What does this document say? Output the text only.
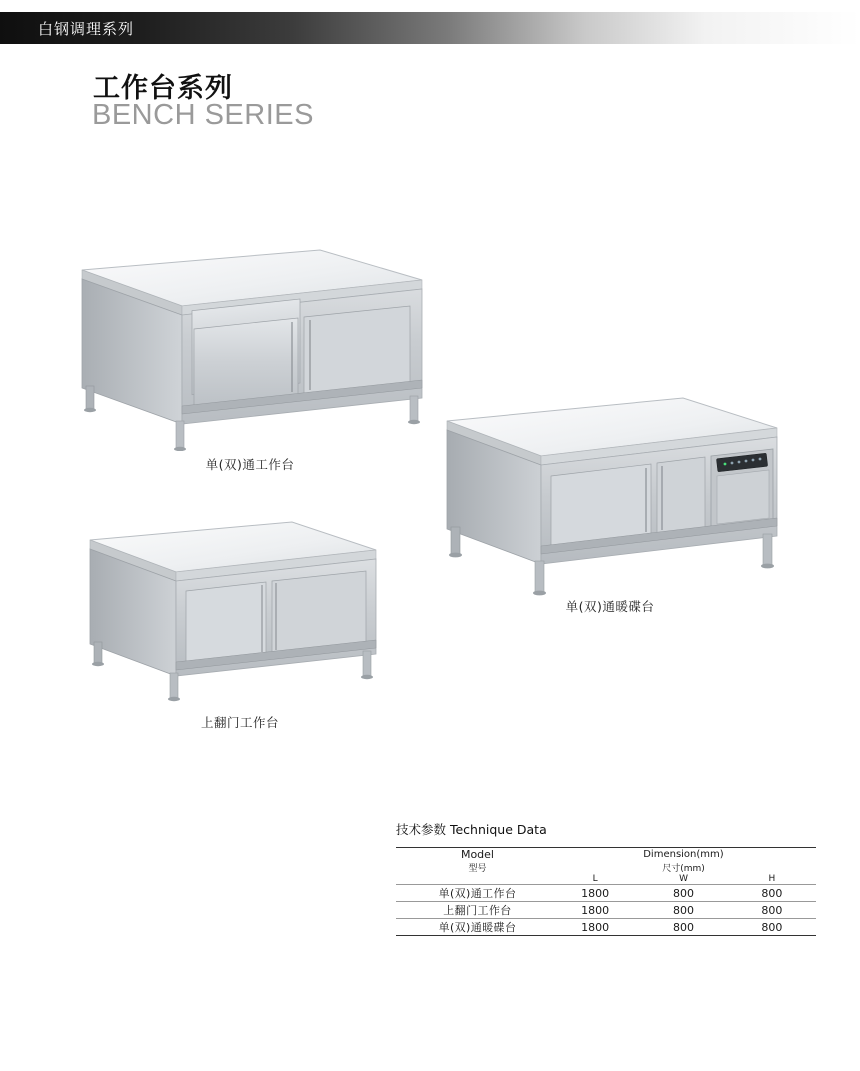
白钢调理系列
工作台系列
BENCH SERIES
单(双)通工作台
单(双)通暖碟台
上翻门工作台
技术参数 Technique Data
Model	Dimension(mm)		
型号	尺寸(mm)		
	L	W	H
单(双)通工作台	1800	800	800
上翻门工作台	1800	800	800
单(双)通暖碟台	1800	800	800
